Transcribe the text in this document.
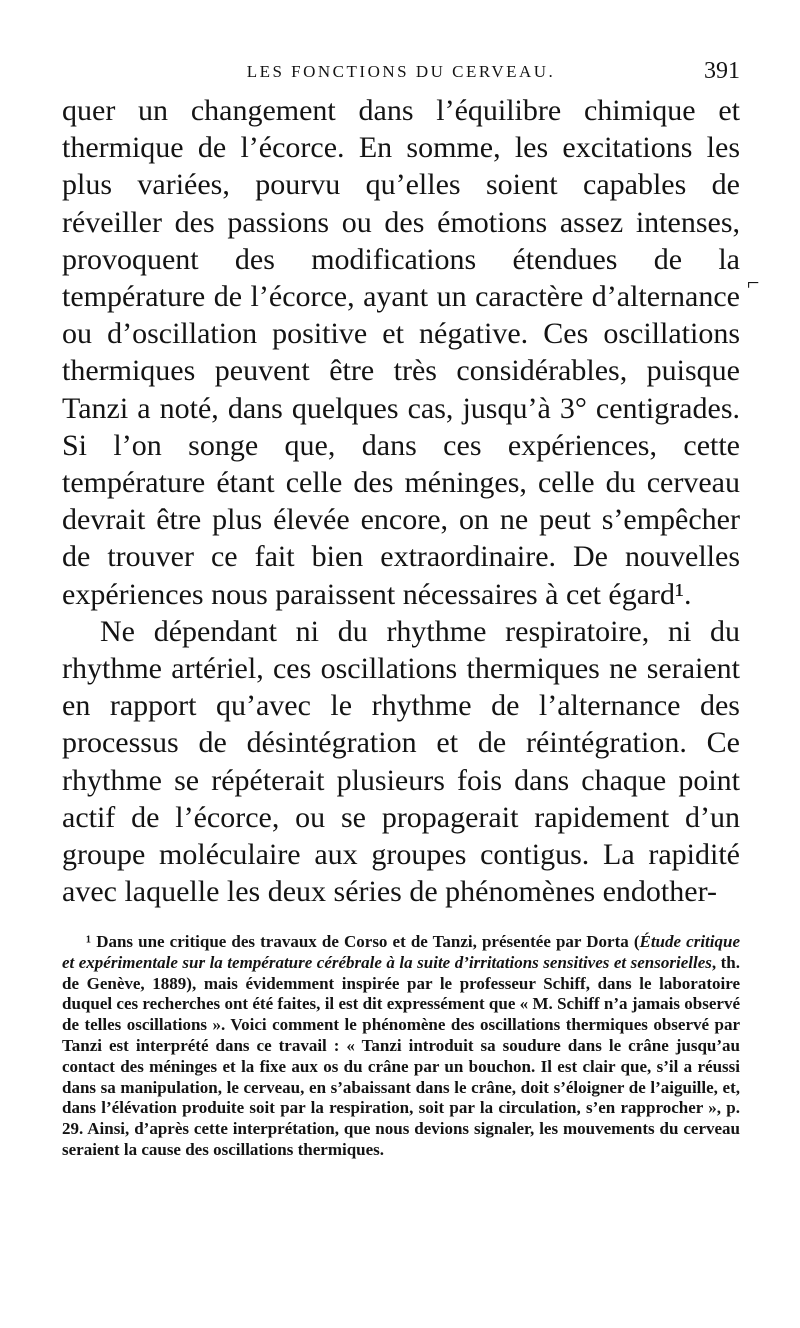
LES FONCTIONS DU CERVEAU.	391

quer un changement dans l’équilibre chimique et thermique de l’écorce. En somme, les excitations les plus variées, pourvu qu’elles soient capables de réveiller des passions ou des émotions assez intenses, provoquent des modifications étendues de la température de l’écorce, ayant un caractère d’alternance ou d’oscillation positive et négative. Ces oscillations thermiques peuvent être très considérables, puisque Tanzi a noté, dans quelques cas, jusqu’à 3° centigrades. Si l’on songe que, dans ces expériences, cette température étant celle des méninges, celle du cerveau devrait être plus élevée encore, on ne peut s’empêcher de trouver ce fait bien extraordinaire. De nouvelles expériences nous paraissent nécessaires à cet égard¹.

Ne dépendant ni du rhythme respiratoire, ni du rhythme artériel, ces oscillations thermiques ne seraient en rapport qu’avec le rhythme de l’alternance des processus de désintégration et de réintégration. Ce rhythme se répéterait plusieurs fois dans chaque point actif de l’écorce, ou se propagerait rapidement d’un groupe moléculaire aux groupes contigus. La rapidité avec laquelle les deux séries de phénomènes endother-

⌐

¹ Dans une critique des travaux de Corso et de Tanzi, présentée par Dorta (Étude critique et expérimentale sur la température cérébrale à la suite d’irritations sensitives et sensorielles, th. de Genève, 1889), mais évidemment inspirée par le professeur Schiff, dans le laboratoire duquel ces recherches ont été faites, il est dit expressément que « M. Schiff n’a jamais observé de telles oscillations ». Voici comment le phénomène des oscillations thermiques observé par Tanzi est interprété dans ce travail : « Tanzi introduit sa soudure dans le crâne jusqu’au contact des méninges et la fixe aux os du crâne par un bouchon. Il est clair que, s’il a réussi dans sa manipulation, le cerveau, en s’abaissant dans le crâne, doit s’éloigner de l’aiguille, et, dans l’élévation produite soit par la respiration, soit par la circulation, s’en rapprocher », p. 29. Ainsi, d’après cette interprétation, que nous devions signaler, les mouvements du cerveau seraient la cause des oscillations thermiques.
